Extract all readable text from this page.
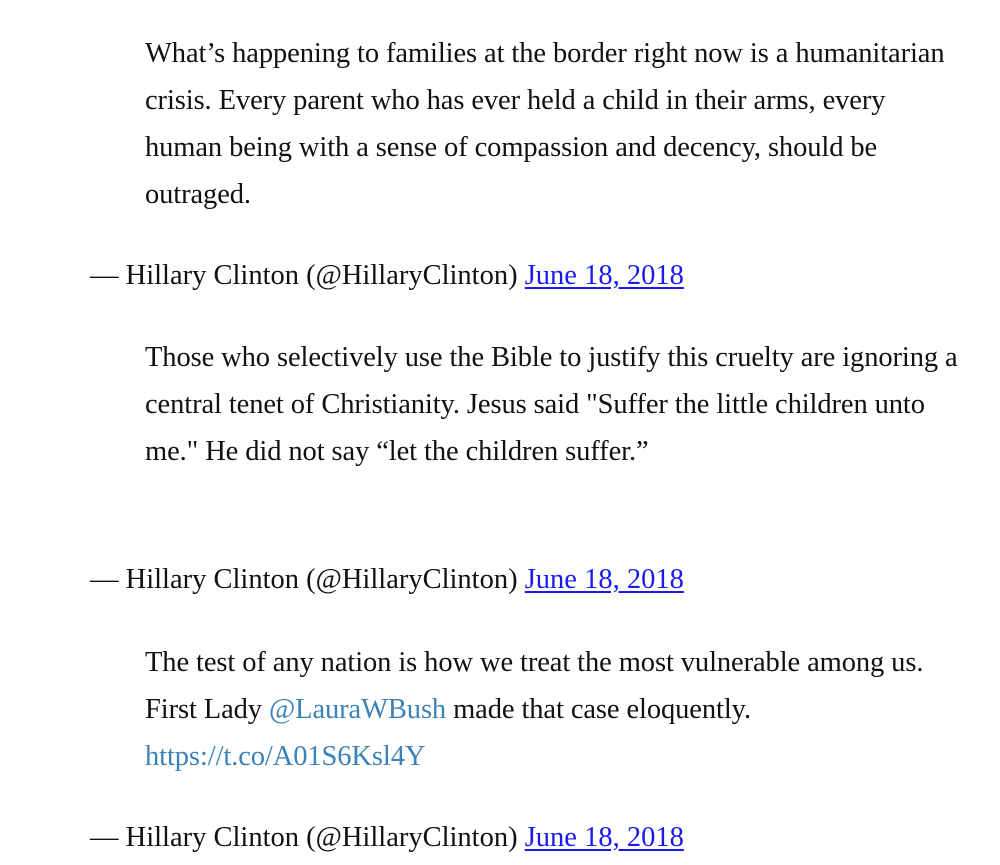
What’s happening to families at the border right now is a humanitarian crisis. Every parent who has ever held a child in their arms, every human being with a sense of compassion and decency, should be outraged.

— Hillary Clinton (@HillaryClinton) June 18, 2018

Those who selectively use the Bible to justify this cruelty are ignoring a central tenet of Christianity. Jesus said "Suffer the little children unto me." He did not say “let the children suffer.”

— Hillary Clinton (@HillaryClinton) June 18, 2018

The test of any nation is how we treat the most vulnerable among us. First Lady @LauraWBush made that case eloquently. https://t.co/A01S6Ksl4Y

— Hillary Clinton (@HillaryClinton) June 18, 2018
